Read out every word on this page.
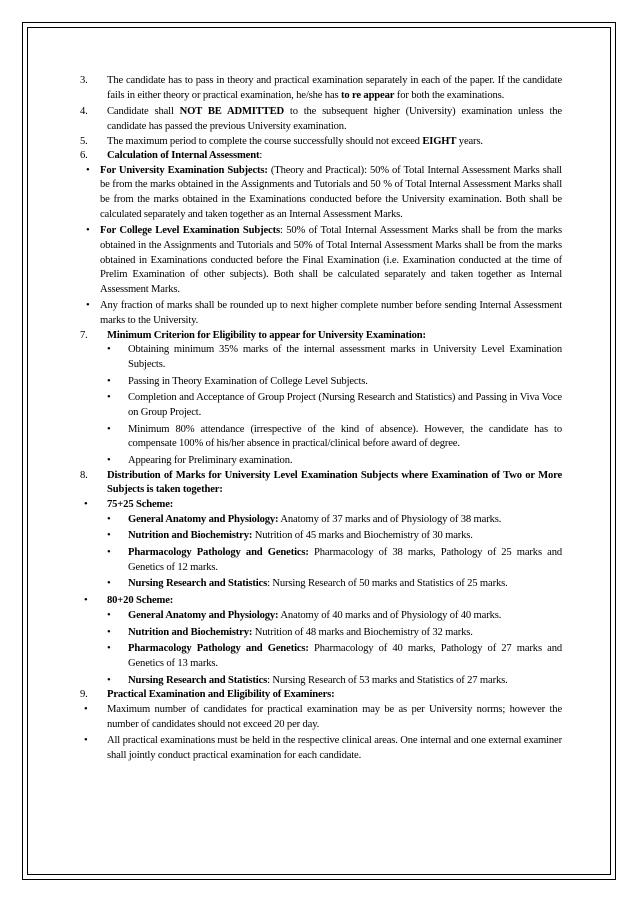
3. The candidate has to pass in theory and practical examination separately in each of the paper. If the candidate fails in either theory or practical examination, he/she has to re appear for both the examinations.
4. Candidate shall NOT BE ADMITTED to the subsequent higher (University) examination unless the candidate has passed the previous University examination.
5. The maximum period to complete the course successfully should not exceed EIGHT years.
6. Calculation of Internal Assessment:
• For University Examination Subjects: (Theory and Practical): 50% of Total Internal Assessment Marks shall be from the marks obtained in the Assignments and Tutorials and 50 % of Total Internal Assessment Marks shall be from the marks obtained in the Examinations conducted before the University examination. Both shall be calculated separately and taken together as an Internal Assessment Marks.
• For College Level Examination Subjects: 50% of Total Internal Assessment Marks shall be from the marks obtained in the Assignments and Tutorials and 50% of Total Internal Assessment Marks shall be from the marks obtained in Examinations conducted before the Final Examination (i.e. Examination conducted at the time of Prelim Examination of other subjects). Both shall be calculated separately and taken together as Internal Assessment Marks.
• Any fraction of marks shall be rounded up to next higher complete number before sending Internal Assessment marks to the University.
7. Minimum Criterion for Eligibility to appear for University Examination:
• Obtaining minimum 35% marks of the internal assessment marks in University Level Examination Subjects.
• Passing in Theory Examination of College Level Subjects.
• Completion and Acceptance of Group Project (Nursing Research and Statistics) and Passing in Viva Voce on Group Project.
• Minimum 80% attendance (irrespective of the kind of absence). However, the candidate has to compensate 100% of his/her absence in practical/clinical before award of degree.
• Appearing for Preliminary examination.
8. Distribution of Marks for University Level Examination Subjects where Examination of Two or More Subjects is taken together:
• 75+25 Scheme:
• General Anatomy and Physiology: Anatomy of 37 marks and of Physiology of 38 marks.
• Nutrition and Biochemistry: Nutrition of 45 marks and Biochemistry of 30 marks.
• Pharmacology Pathology and Genetics: Pharmacology of 38 marks, Pathology of 25 marks and Genetics of 12 marks.
• Nursing Research and Statistics: Nursing Research of 50 marks and Statistics of 25 marks.
• 80+20 Scheme:
• General Anatomy and Physiology: Anatomy of 40 marks and of Physiology of 40 marks.
• Nutrition and Biochemistry: Nutrition of 48 marks and Biochemistry of 32 marks.
• Pharmacology Pathology and Genetics: Pharmacology of 40 marks, Pathology of 27 marks and Genetics of 13 marks.
• Nursing Research and Statistics: Nursing Research of 53 marks and Statistics of 27 marks.
9. Practical Examination and Eligibility of Examiners:
• Maximum number of candidates for practical examination may be as per University norms; however the number of candidates should not exceed 20 per day.
• All practical examinations must be held in the respective clinical areas. One internal and one external examiner shall jointly conduct practical examination for each candidate.
